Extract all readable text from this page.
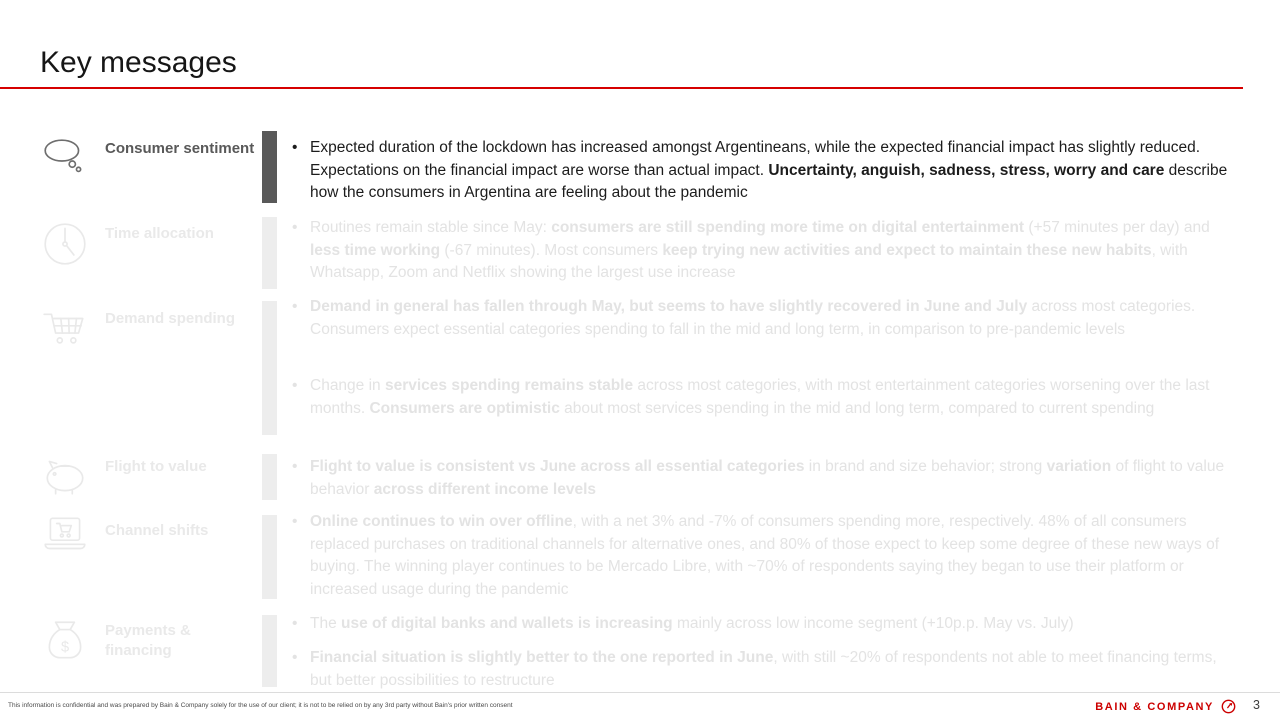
Key messages
Consumer sentiment
Time allocation
Demand spending
Flight to value
Channel shifts
$
Payments & financing
• Expected duration of the lockdown has increased amongst Argentineans, while the expected financial impact has slightly reduced. Expectations on the financial impact are worse than actual impact. Uncertainty, anguish, sadness, stress, worry and care describe how the consumers in Argentina are feeling about the pandemic
• Routines remain stable since May: consumers are still spending more time on digital entertainment (+57 minutes per day) and less time working (-67 minutes). Most consumers keep trying new activities and expect to maintain these new habits, with Whatsapp, Zoom and Netflix showing the largest use increase
• Demand in general has fallen through May, but seems to have slightly recovered in June and July across most categories. Consumers expect essential categories spending to fall in the mid and long term, in comparison to pre-pandemic levels
• Change in services spending remains stable across most categories, with most entertainment categories worsening over the last months. Consumers are optimistic about most services spending in the mid and long term, compared to current spending
• Flight to value is consistent vs June across all essential categories in brand and size behavior; strong variation of flight to value behavior across different income levels
• Online continues to win over offline, with a net 3% and -7% of consumers spending more, respectively. 48% of all consumers replaced purchases on traditional channels for alternative ones, and 80% of those expect to keep some degree of these new ways of buying. The winning player continues to be Mercado Libre, with ~70% of respondents saying they began to use their platform or increased usage during the pandemic
• The use of digital banks and wallets is increasing mainly across low income segment (+10p.p. May vs. July)
• Financial situation is slightly better to the one reported in June, with still ~20% of respondents not able to meet financing terms, but better possibilities to restructure
This information is confidential and was prepared by Bain & Company solely for the use of our client; it is not to be relied on by any 3rd party without Bain's prior written consent	BAIN & COMPANY	3
